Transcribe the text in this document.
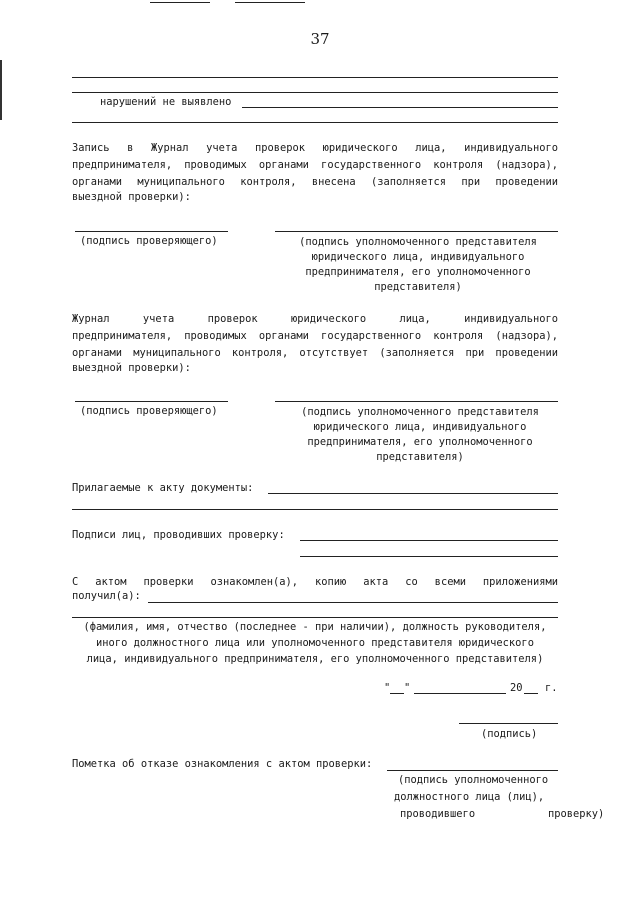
37
нарушений не выявлено
Запись в Журнал учета проверок юридического лица, индивидуального
предпринимателя, проводимых органами государственного контроля (надзора),
органами муниципального контроля, внесена (заполняется при проведении
выездной проверки):
(подпись проверяющего)	(подпись уполномоченного представителя
юридического лица, индивидуального
предпринимателя, его уполномоченного
представителя)
Журнал учета проверок юридического лица, индивидуального
предпринимателя, проводимых органами государственного контроля (надзора),
органами муниципального контроля, отсутствует (заполняется при проведении
выездной проверки):
(подпись проверяющего)	(подпись уполномоченного представителя
юридического лица, индивидуального
предпринимателя, его уполномоченного
представителя)
Прилагаемые к акту документы:
Подписи лиц, проводивших проверку:
С актом проверки ознакомлен(а), копию акта со всеми приложениями
получил(а):
(фамилия, имя, отчество (последнее - при наличии), должность руководителя,
иного должностного лица или уполномоченного представителя юридического
лица, индивидуального предпринимателя, его уполномоченного представителя)
" "	20 г.
(подпись)
Пометка об отказе ознакомления с актом проверки:
(подпись уполномоченного
должностного лица (лиц),
проводившего	проверку)
